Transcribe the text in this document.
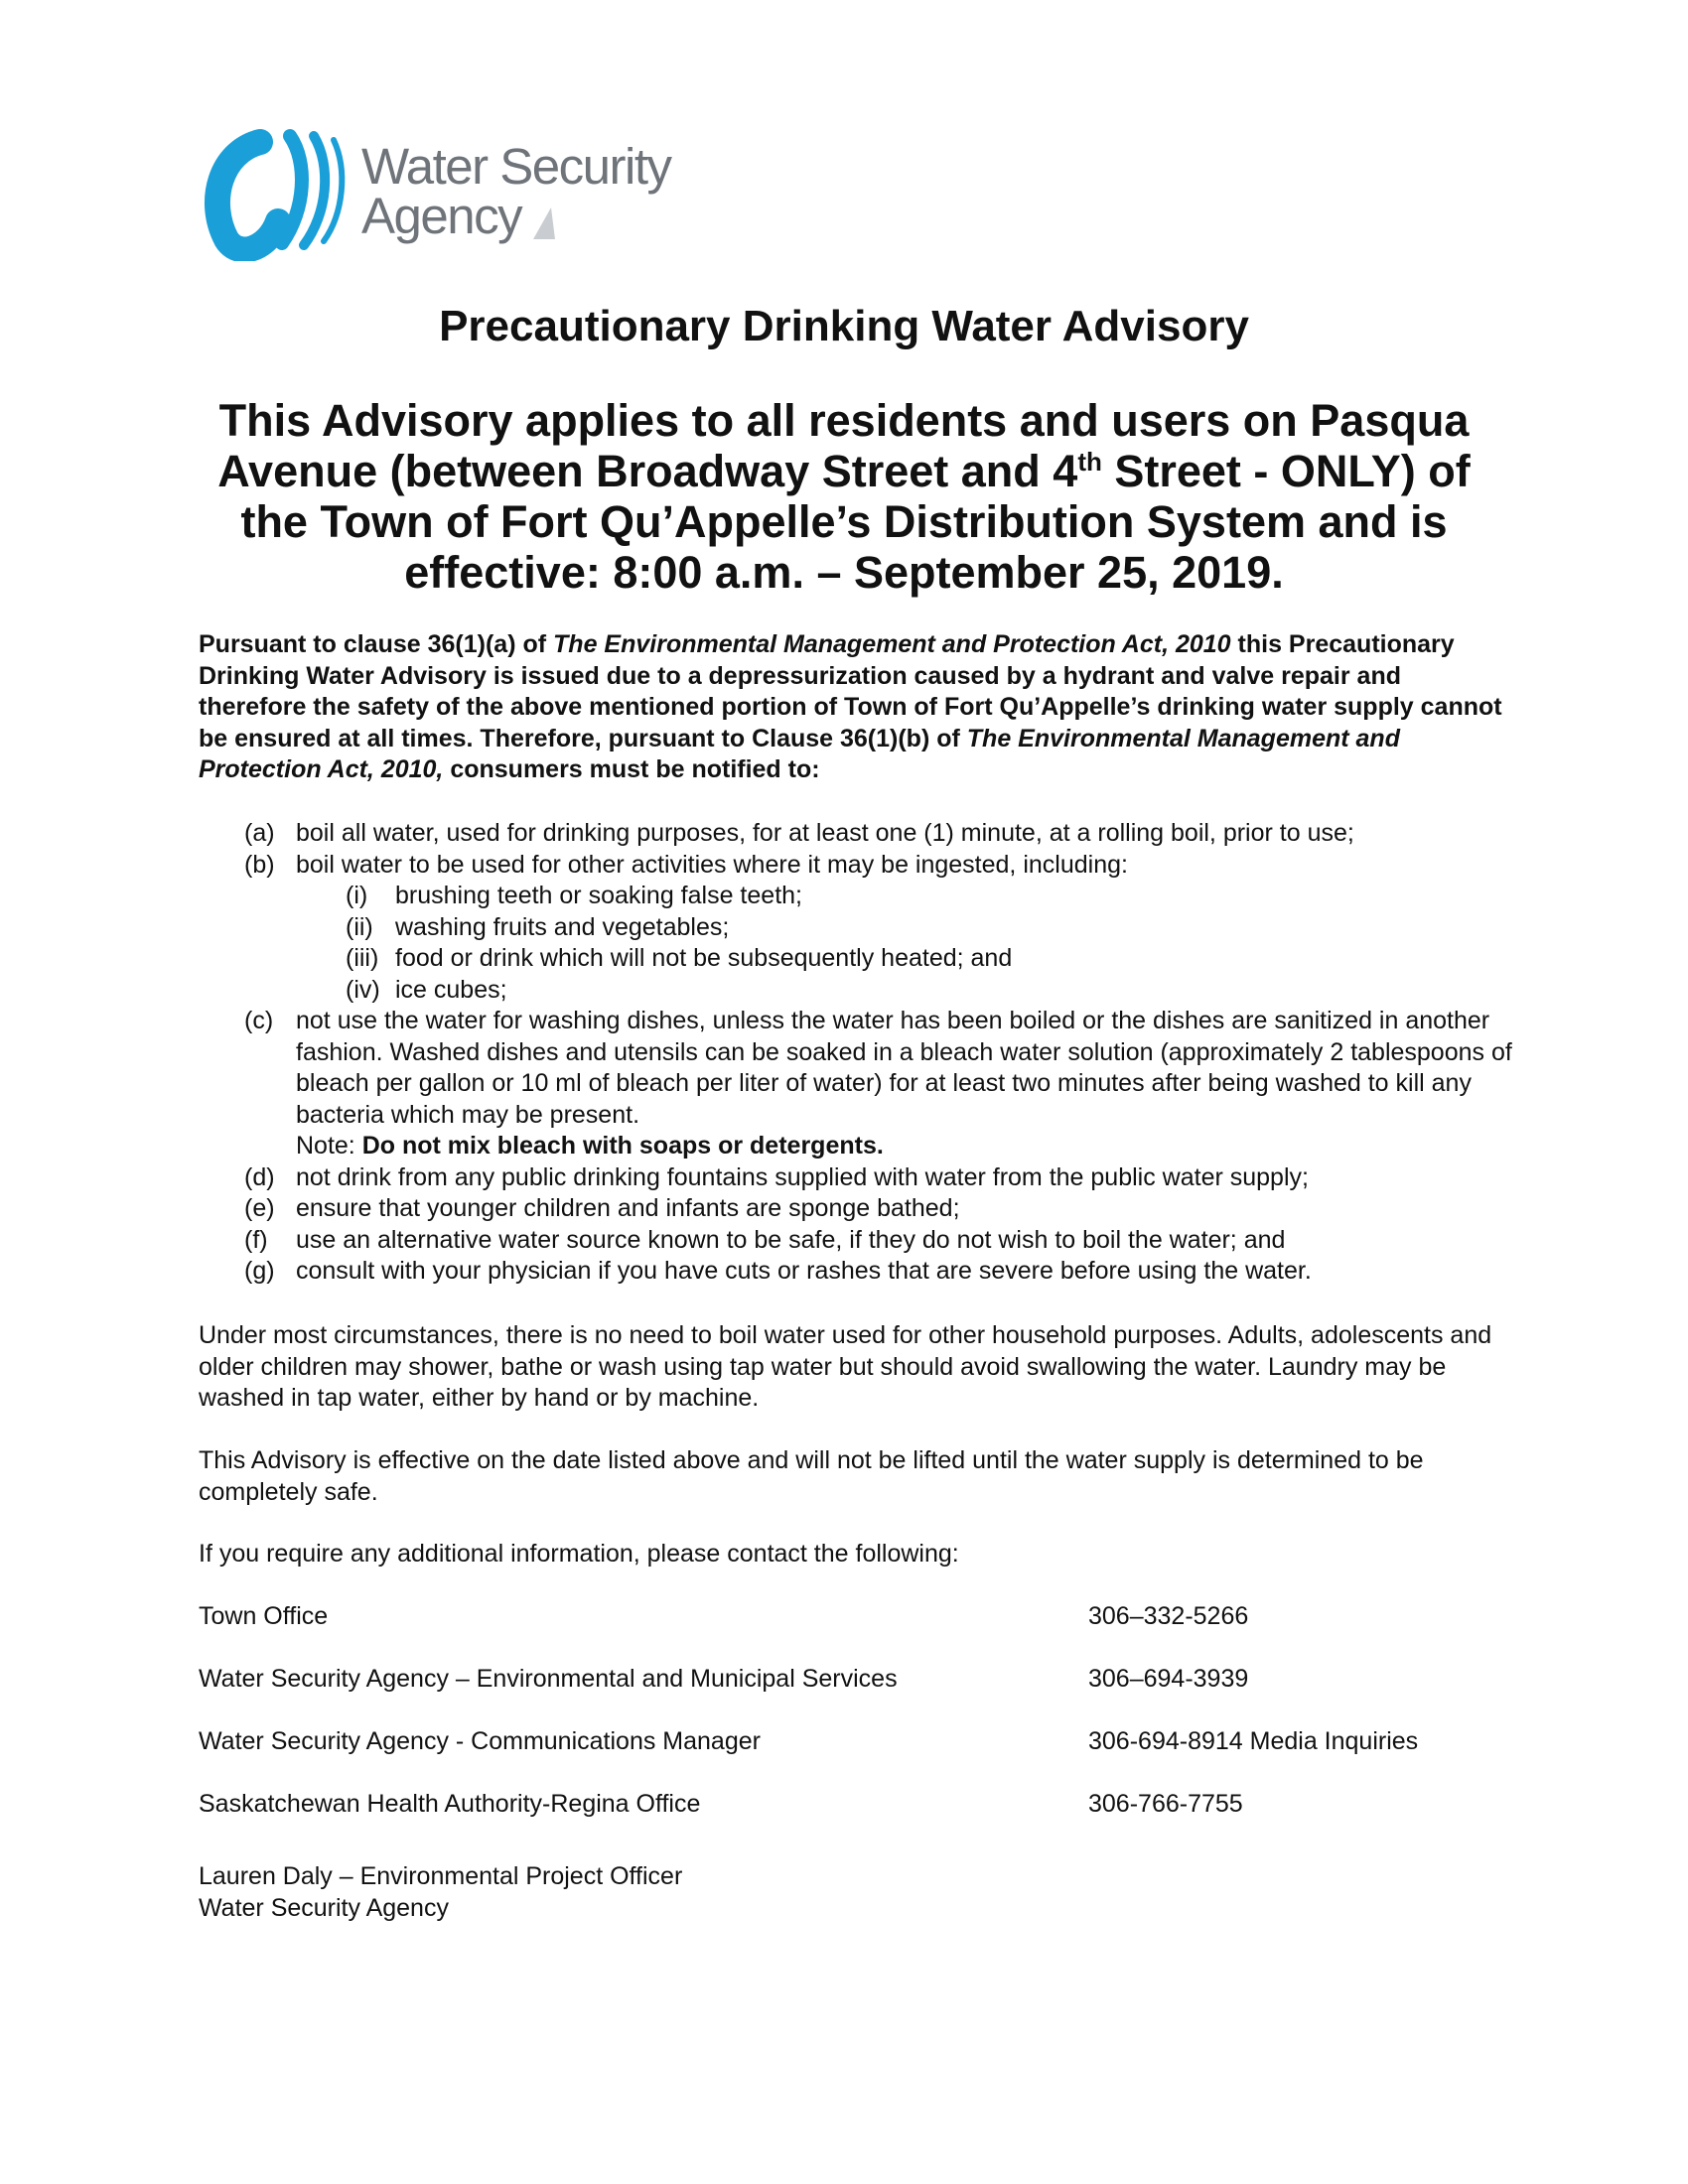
Water Security
Agency
Precautionary Drinking Water Advisory

This Advisory applies to all residents and users on Pasqua Avenue (between Broadway Street and 4th Street - ONLY) of the Town of Fort Qu’Appelle’s Distribution System and is effective: 8:00 a.m. – September 25, 2019.

Pursuant to clause 36(1)(a) of The Environmental Management and Protection Act, 2010 this Precautionary Drinking Water Advisory is issued due to a depressurization caused by a hydrant and valve repair and therefore the safety of the above mentioned portion of Town of Fort Qu’Appelle’s drinking water supply cannot be ensured at all times. Therefore, pursuant to Clause 36(1)(b) of The Environmental Management and Protection Act, 2010, consumers must be notified to:

(a) boil all water, used for drinking purposes, for at least one (1) minute, at a rolling boil, prior to use;
(b) boil water to be used for other activities where it may be ingested, including:
(i)	brushing teeth or soaking false teeth;
(ii) washing fruits and vegetables;
(iii) food or drink which will not be subsequently heated; and
(iv) ice cubes;
(c) not use the water for washing dishes, unless the water has been boiled or the dishes are sanitized in another fashion. Washed dishes and utensils can be soaked in a bleach water solution (approximately 2 tablespoons of bleach per gallon or 10 ml of bleach per liter of water) for at least two minutes after being washed to kill any bacteria which may be present.
Note: Do not mix bleach with soaps or detergents.
(d) not drink from any public drinking fountains supplied with water from the public water supply;
(e) ensure that younger children and infants are sponge bathed;
(f)	use an alternative water source known to be safe, if they do not wish to boil the water; and
(g) consult with your physician if you have cuts or rashes that are severe before using the water.

Under most circumstances, there is no need to boil water used for other household purposes. Adults, adolescents and older children may shower, bathe or wash using tap water but should avoid swallowing the water. Laundry may be washed in tap water, either by hand or by machine.

This Advisory is effective on the date listed above and will not be lifted until the water supply is determined to be completely safe.

If you require any additional information, please contact the following:

Town Office	306–332-5266
Water Security Agency – Environmental and Municipal Services	306–694-3939
Water Security Agency - Communications Manager	306-694-8914 Media Inquiries
Saskatchewan Health Authority-Regina Office	306-766-7755

Lauren Daly – Environmental Project Officer
Water Security Agency
